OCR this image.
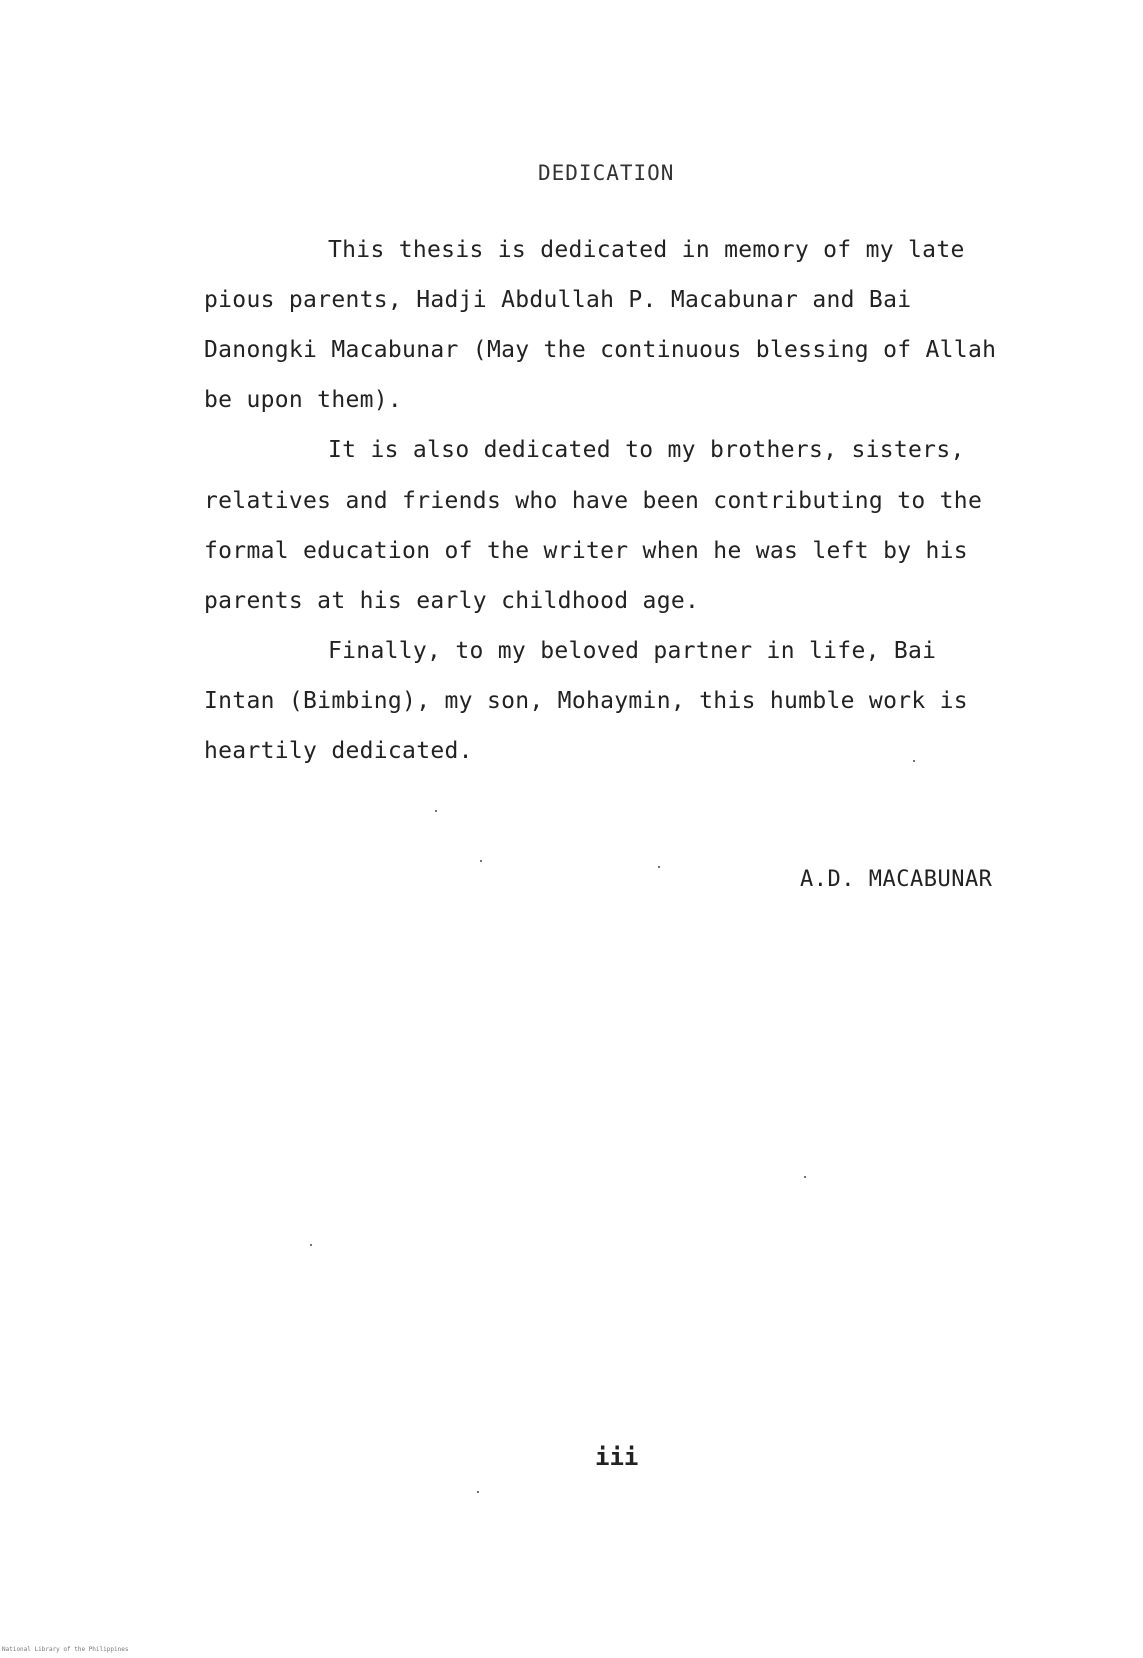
DEDICATION
This thesis is dedicated in memory of my late
pious parents, Hadji Abdullah P. Macabunar and Bai
Danongki Macabunar (May the continuous blessing of Allah
be upon them).
It is also dedicated to my brothers, sisters,
relatives and friends who have been contributing to the
formal education of the writer when he was left by his
parents at his early childhood age.
Finally, to my beloved partner in life, Bai
Intan (Bimbing), my son, Mohaymin, this humble work is
heartily dedicated.
A.D. MACABUNAR
iii
National Library of the Philippines
